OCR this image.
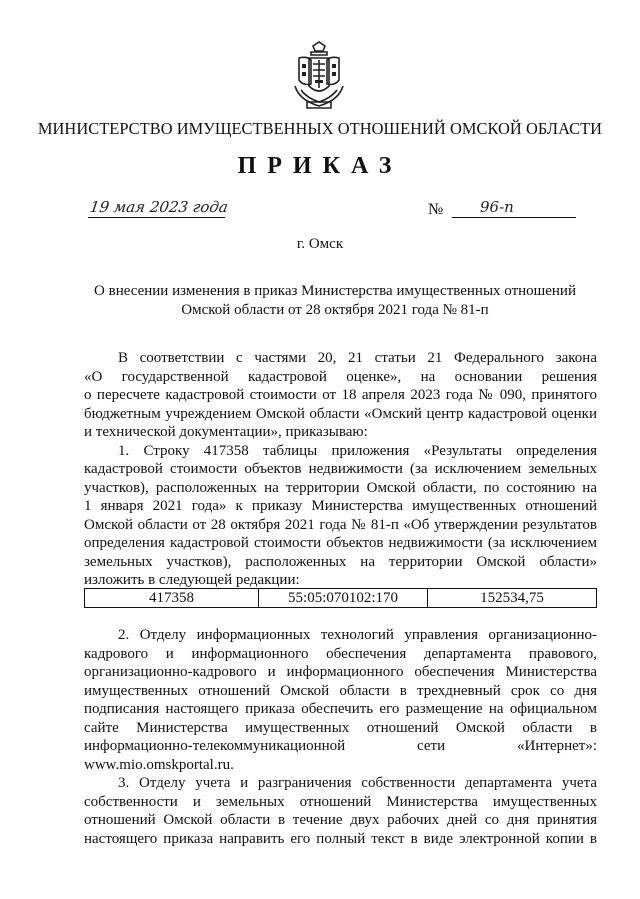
МИНИСТЕРСТВО ИМУЩЕСТВЕННЫХ ОТНОШЕНИЙ ОМСКОЙ ОБЛАСТИ
ПРИКАЗ
19 мая 2023 года	№ 96-п
г. Омск
О внесении изменения в приказ Министерства имущественных отношений
Омской области от 28 октября 2021 года № 81-п
В соответствии с частями 20, 21 статьи 21 Федерального закона
«О государственной кадастровой оценке», на основании решения
о пересчете кадастровой стоимости от 18 апреля 2023 года № 090, принятого
бюджетным учреждением Омской области «Омский центр кадастровой оценки
и технической документации», приказываю:
1. Строку 417358 таблицы приложения «Результаты определения
кадастровой стоимости объектов недвижимости (за исключением земельных
участков), расположенных на территории Омской области, по состоянию на
1 января 2021 года» к приказу Министерства имущественных отношений
Омской области от 28 октября 2021 года № 81-п «Об утверждении результатов
определения кадастровой стоимости объектов недвижимости (за исключением
земельных участков), расположенных на территории Омской области»
изложить в следующей редакции:
417358	55:05:070102:170	152534,75
2. Отделу информационных технологий управления организационно-
кадрового и информационного обеспечения департамента правового,
организационно-кадрового и информационного обеспечения Министерства
имущественных отношений Омской области в трехдневный срок со дня
подписания настоящего приказа обеспечить его размещение на официальном
сайте Министерства имущественных отношений Омской области в
информационно-телекоммуникационной сети «Интернет»:
www.mio.omskportal.ru.
3. Отделу учета и разграничения собственности департамента учета
собственности и земельных отношений Министерства имущественных
отношений Омской области в течение двух рабочих дней со дня принятия
настоящего приказа направить его полный текст в виде электронной копии в
